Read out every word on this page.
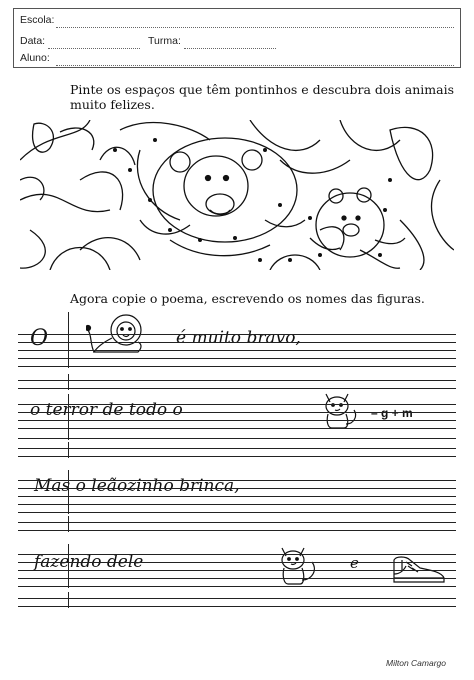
Escola:
Data:	Turma:
Aluno:
Pinte os espaços que têm pontinhos e descubra dois animais
muito felizes.
Agora copie o poema, escrevendo os nomes das figuras.
O	é muito bravo,
o terror de todo o	– g + m
Mas o leãozinho brinca,
fazendo dele	e
Milton Camargo
